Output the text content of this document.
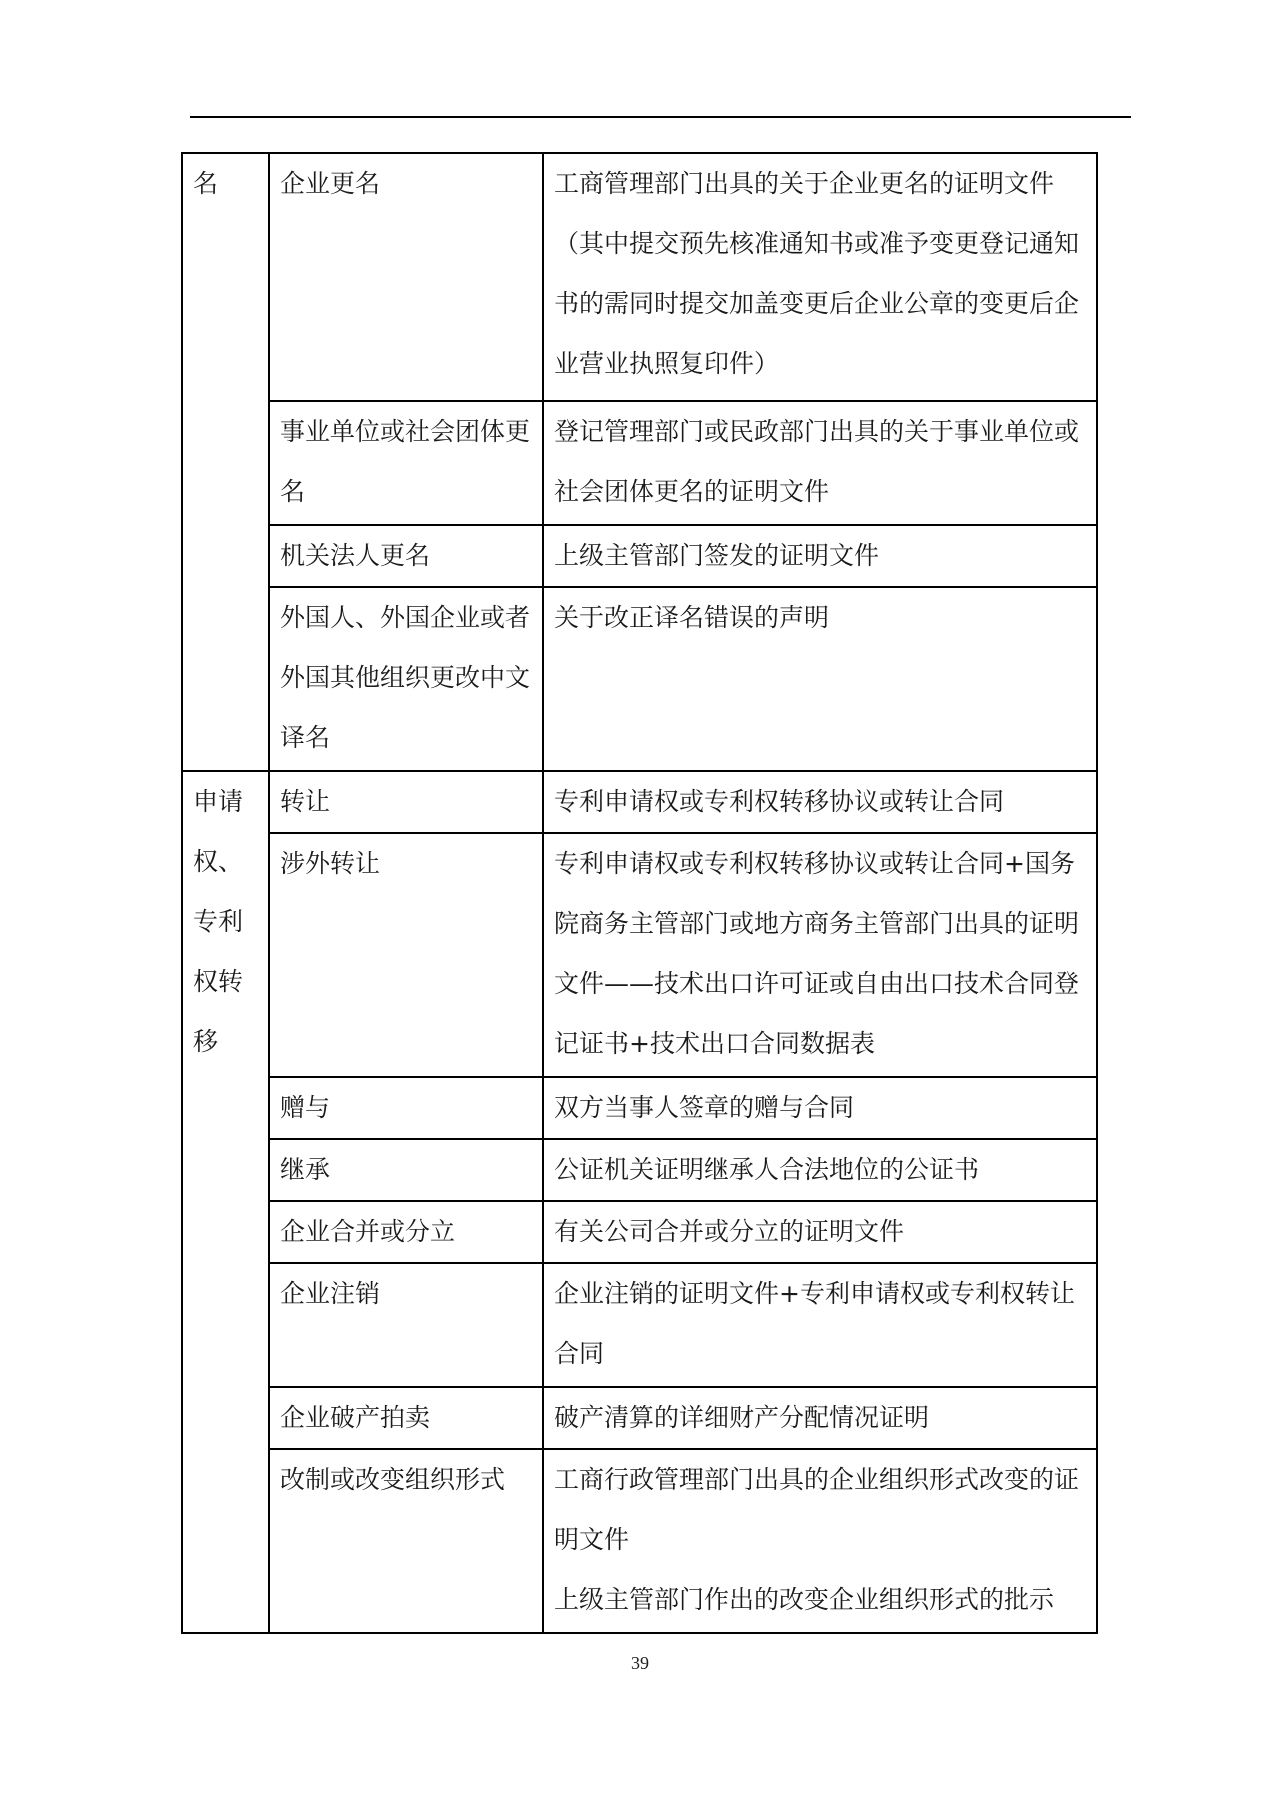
名	企业更名	工商管理部门出具的关于企业更名的证明文件（其中提交预先核准通知书或准予变更登记通知书的需同时提交加盖变更后企业公章的变更后企业营业执照复印件）

	事业单位或社会团体更名	登记管理部门或民政部门出具的关于事业单位或社会团体更名的证明文件

	机关法人更名	上级主管部门签发的证明文件

	外国人、外国企业或者外国其他组织更改中文译名	关于改正译名错误的声明

申请权、专利权转移	转让	专利申请权或专利权转移协议或转让合同

	涉外转让	专利申请权或专利权转移协议或转让合同+国务院商务主管部门或地方商务主管部门出具的证明文件——技术出口许可证或自由出口技术合同登记证书+技术出口合同数据表

	赠与	双方当事人签章的赠与合同

	继承	公证机关证明继承人合法地位的公证书

	企业合并或分立	有关公司合并或分立的证明文件

	企业注销	企业注销的证明文件+专利申请权或专利权转让合同

	企业破产拍卖	破产清算的详细财产分配情况证明

	改制或改变组织形式	工商行政管理部门出具的企业组织形式改变的证明文件
上级主管部门作出的改变企业组织形式的批示
39
